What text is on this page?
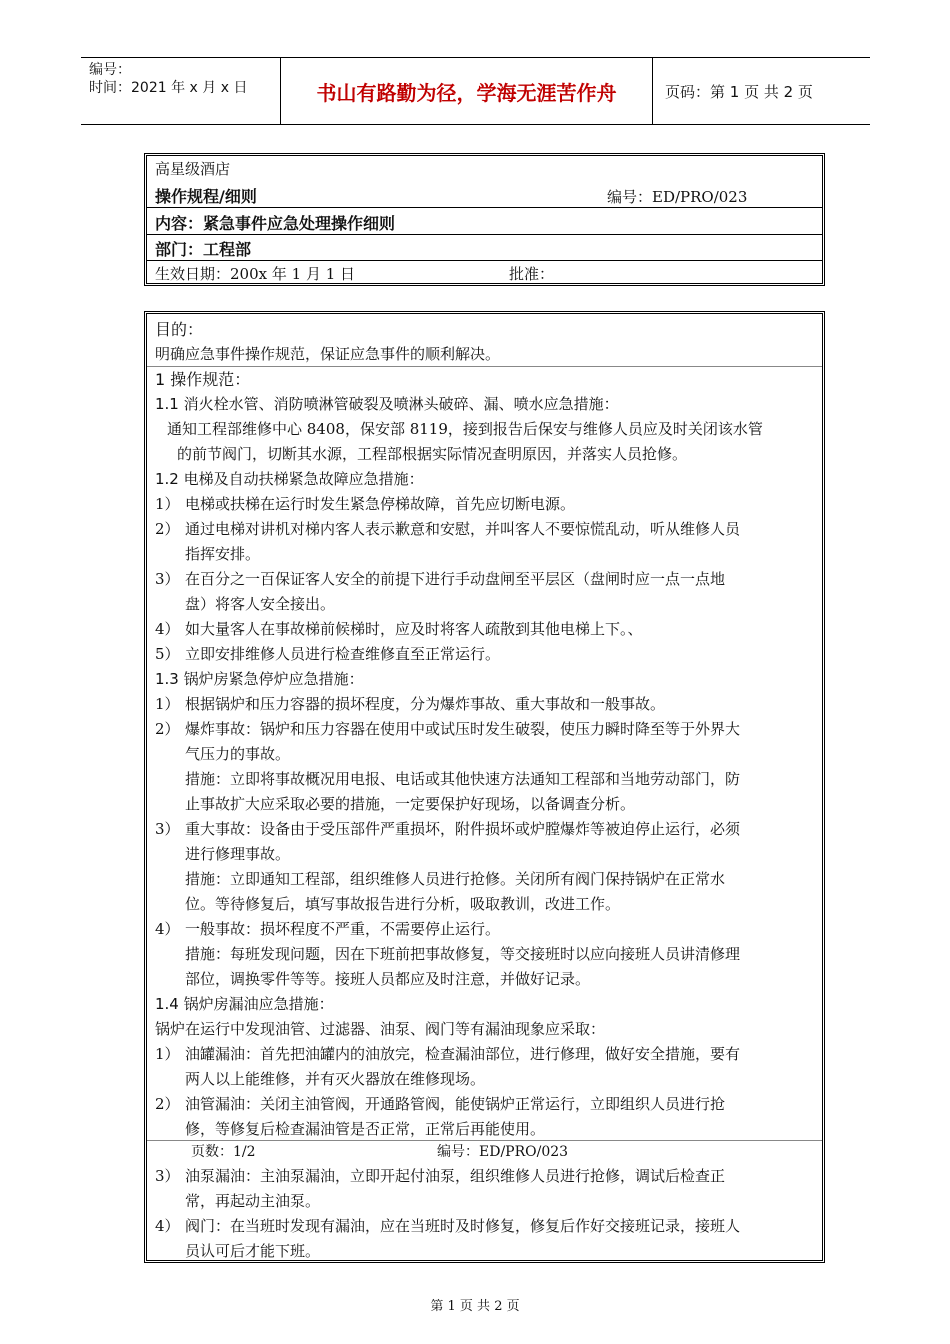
编号：
时间：2021 年 x 月 x 日	书山有路勤为径，学海无涯苦作舟	页码：第 1 页 共 2 页
高星级酒店
操作规程/细则	编号：ED/PRO/023
内容：紧急事件应急处理操作细则
部门：工程部
生效日期：200x 年 1 月 1 日	批准：
目的：
明确应急事件操作规范，保证应急事件的顺利解决。
1 操作规范：
1.1 消火栓水管、消防喷淋管破裂及喷淋头破碎、漏、喷水应急措施：
通知工程部维修中心 8408，保安部 8119，接到报告后保安与维修人员应及时关闭该水管
的前节阀门，切断其水源，工程部根据实际情况查明原因，并落实人员抢修。
1.2 电梯及自动扶梯紧急故障应急措施：
1） 电梯或扶梯在运行时发生紧急停梯故障，首先应切断电源。
2） 通过电梯对讲机对梯内客人表示歉意和安慰，并叫客人不要惊慌乱动，听从维修人员
指挥安排。
3） 在百分之一百保证客人安全的前提下进行手动盘闸至平层区（盘闸时应一点一点地
盘）将客人安全接出。
4） 如大量客人在事故梯前候梯时，应及时将客人疏散到其他电梯上下。、
5） 立即安排维修人员进行检查维修直至正常运行。
1.3 锅炉房紧急停炉应急措施：
1） 根据锅炉和压力容器的损坏程度，分为爆炸事故、重大事故和一般事故。
2） 爆炸事故：锅炉和压力容器在使用中或试压时发生破裂，使压力瞬时降至等于外界大
气压力的事故。
措施：立即将事故概况用电报、电话或其他快速方法通知工程部和当地劳动部门，防
止事故扩大应采取必要的措施，一定要保护好现场，以备调查分析。
3） 重大事故：设备由于受压部件严重损坏，附件损坏或炉膛爆炸等被迫停止运行，必须
进行修理事故。
措施：立即通知工程部，组织维修人员进行抢修。关闭所有阀门保持锅炉在正常水
位。等待修复后，填写事故报告进行分析，吸取教训，改进工作。
4） 一般事故：损坏程度不严重，不需要停止运行。
措施：每班发现问题，因在下班前把事故修复，等交接班时以应向接班人员讲清修理
部位，调换零件等等。接班人员都应及时注意，并做好记录。
1.4 锅炉房漏油应急措施：
锅炉在运行中发现油管、过滤器、油泵、阀门等有漏油现象应采取：
1） 油罐漏油：首先把油罐内的油放完，检查漏油部位，进行修理，做好安全措施，要有
两人以上能维修，并有灭火器放在维修现场。
2） 油管漏油：关闭主油管阀，开通路管阀，能使锅炉正常运行，立即组织人员进行抢
修，等修复后检查漏油管是否正常，正常后再能使用。
页数：1/2	编号：ED/PRO/023
3） 油泵漏油：主油泵漏油，立即开起付油泵，组织维修人员进行抢修，调试后检查正
常，再起动主油泵。
4） 阀门：在当班时发现有漏油，应在当班时及时修复，修复后作好交接班记录，接班人
员认可后才能下班。
第 1 页 共 2 页
